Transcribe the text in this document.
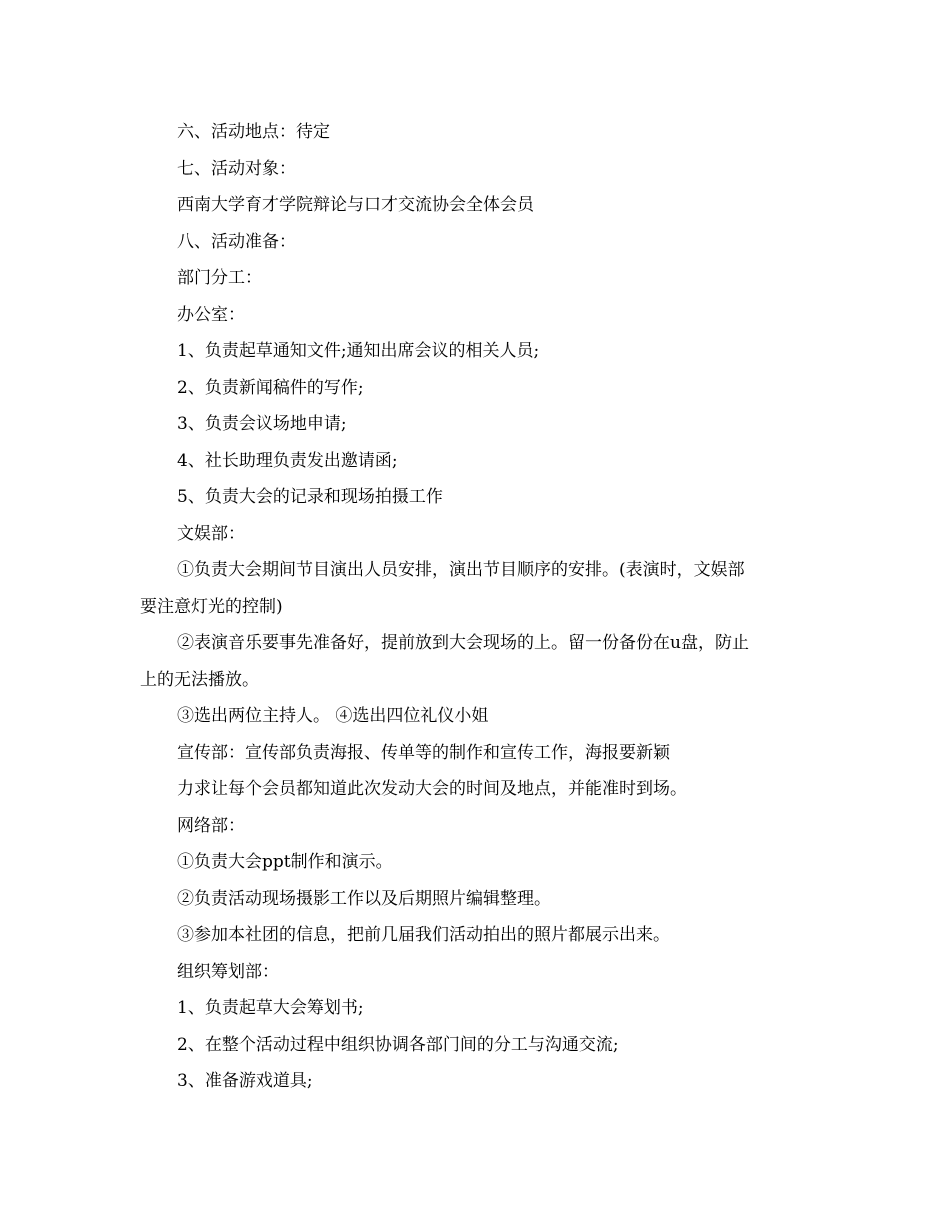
六、活动地点：待定
七、活动对象：
西南大学育才学院辩论与口才交流协会全体会员
八、活动准备：
部门分工：
办公室：
1、负责起草通知文件;通知出席会议的相关人员;
2、负责新闻稿件的写作;
3、负责会议场地申请;
4、社长助理负责发出邀请函;
5、负责大会的记录和现场拍摄工作
文娱部：
①负责大会期间节目演出人员安排，演出节目顺序的安排。(表演时，文娱部
要注意灯光的控制)
②表演音乐要事先准备好，提前放到大会现场的上。留一份备份在u盘，防止
上的无法播放。
③选出两位主持人。 ④选出四位礼仪小姐
宣传部：宣传部负责海报、传单等的制作和宣传工作，海报要新颖
力求让每个会员都知道此次发动大会的时间及地点，并能准时到场。
网络部：
①负责大会ppt制作和演示。
②负责活动现场摄影工作以及后期照片编辑整理。
③参加本社团的信息，把前几届我们活动拍出的照片都展示出来。
组织筹划部：
1、负责起草大会筹划书;
2、在整个活动过程中组织协调各部门间的分工与沟通交流;
3、准备游戏道具;
